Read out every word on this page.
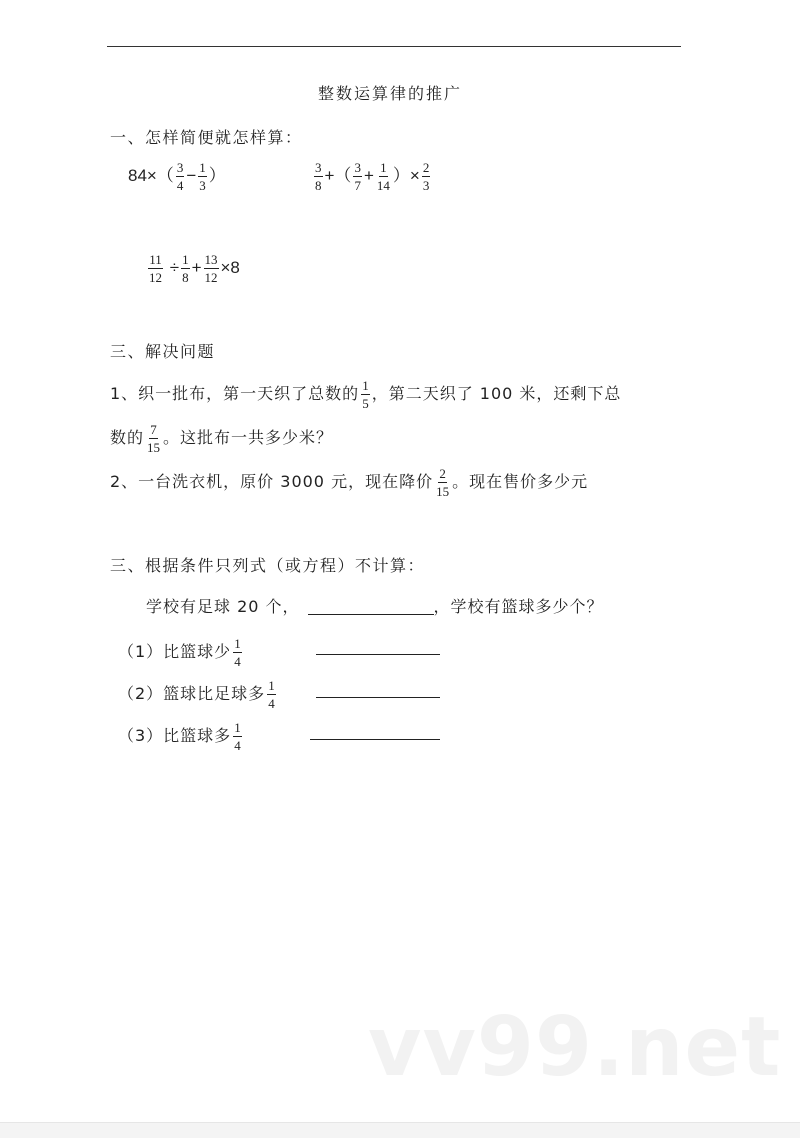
整数运算律的推广
一、怎样简便就怎样算：
$84\times( \frac{3}{4} - \frac{1}{3}$ ）	$\frac{3}{8}$ +（ $\frac{3}{7} + \frac{1}{14}$ ）× $\frac{2}{3}$
$\frac{11}{12} \div \frac{1}{8} + \frac{13}{12} \times 8$
三、解决问题
1、织一批布，第一天织了总数的 $\frac{1}{5}$ ，第二天织了 100 米，还剩下总
数的 $\frac{7}{15}$ 。这批布一共多少米？
2、一台洗衣机，原价 3000 元，现在降价 $\frac{2}{15}$ 。现在售价多少元
三、根据条件只列式（或方程）不计算：
学校有足球 20 个，	，学校有篮球多少个？
（1）比篮球少 $\frac{1}{4}$
（2）篮球比足球多 $\frac{1}{4}$
（3）比篮球多 $\frac{1}{4}$
vv99.net
